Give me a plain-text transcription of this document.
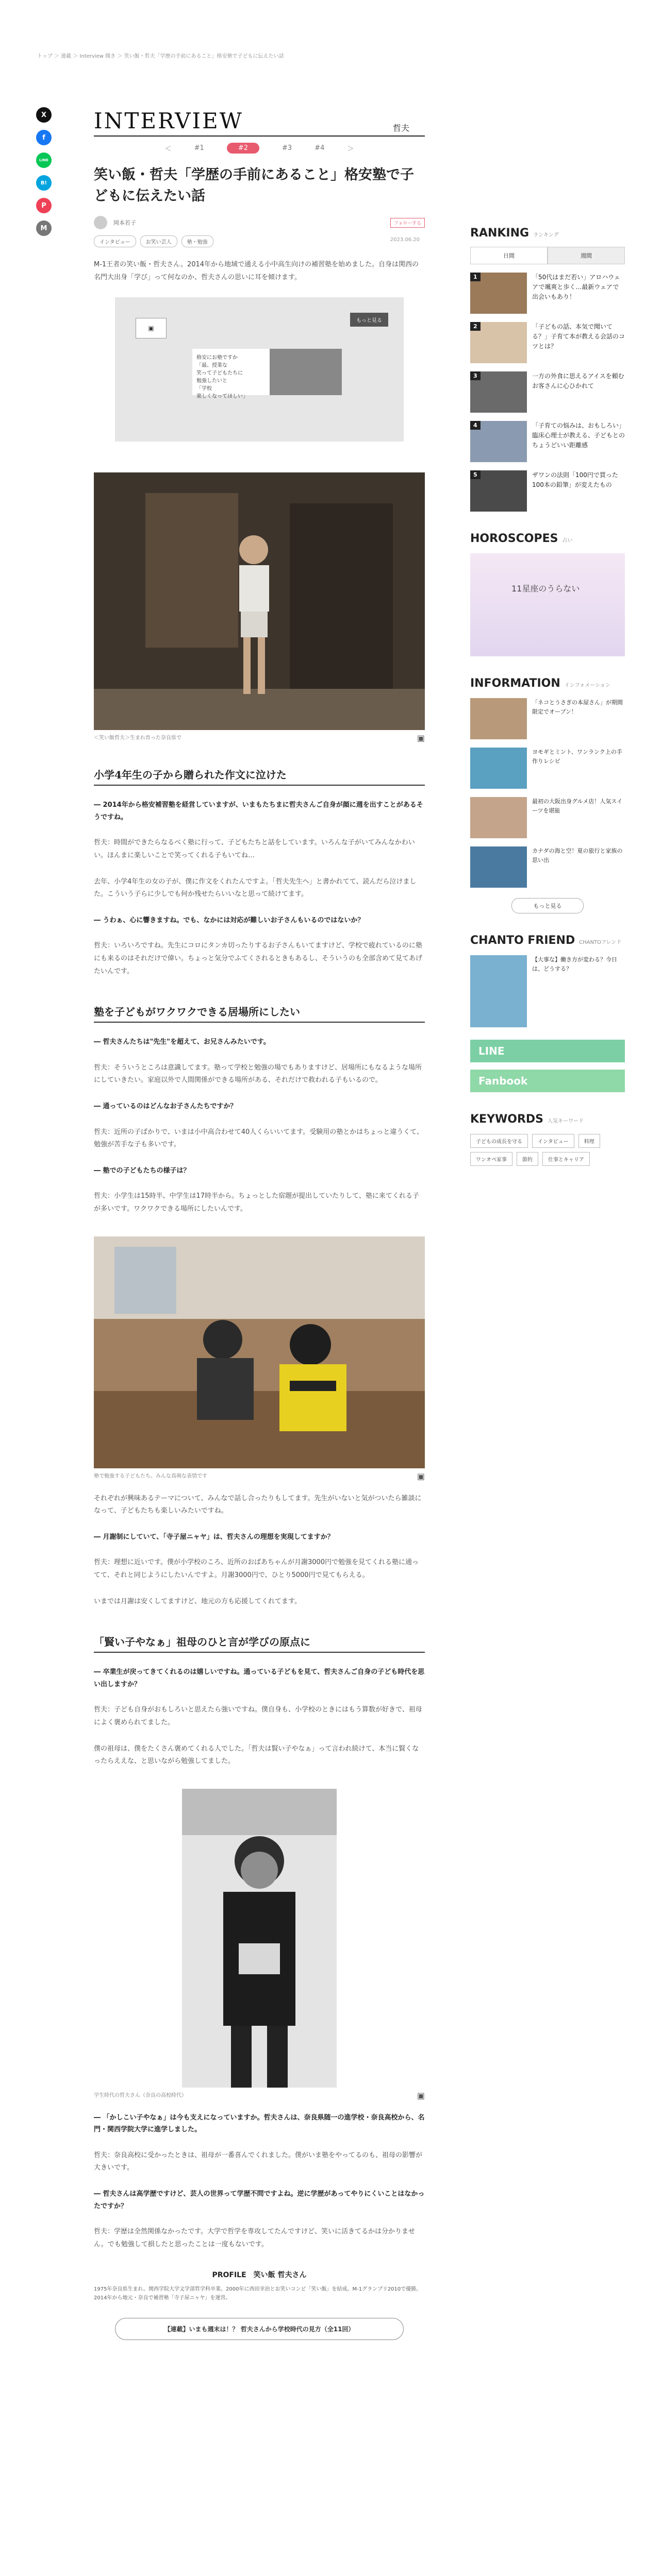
トップ ＞ 連載 ＞ Interview 聞き ＞ 笑い飯・哲夫「学歴の手前にあること」格安塾で子どもに伝えたい話
X
f
LINE
B!
P
M
INTERVIEW	哲夫
＜	#1	#2	#3	#4	＞
笑い飯・哲夫「学歴の手前にあること」格安塾で子どもに伝えたい話
岡本若子	フォローする
インタビュー	お笑い芸人	塾・勉強	2023.06.20

M-1王者の笑い飯・哲夫さん。2014年から地域で通える小中高生向けの補習塾を始めました。自身は関西の名門大出身「学び」って何なのか、哲夫さんの思いに耳を傾けます。

▣
もっと見る
格安にお塾ですか
「最、授業な
笑って子どもたちに
勉強したいと
「学校
楽しくなってほしい」
＜笑い飯哲夫＞生まれ育った奈良県で	▣
小学4年生の子から贈られた作文に泣けた

― 2014年から格安補習塾を経営していますが、いまもたちまに哲夫さんご自身が顔に週を出すことがあるそうですね。

哲夫：時間ができたらなるべく塾に行って、子どもたちと話をしています。いろんな子がいてみんなかわいい。ほんまに楽しいことで笑ってくれる子もいてね…

去年、小学4年生の女の子が、僕に作文をくれたんですよ。「哲夫先生へ」と書かれてて、読んだら泣けました。こういう子らに少しでも何か残せたらいいなと思って続けてます。

― うわぁ、心に響きますね。でも、なかには対応が難しいお子さんもいるのではないか？

哲夫：いろいろですね。先生にコロにタンカ切ったりするお子さんもいてますけど、学校で疲れているのに塾にも来るのはそれだけで偉い。ちょっと気分でふてくされるときもあるし、そういうのも全部含めて見てあげたいんです。

塾を子どもがワクワクできる居場所にしたい

― 哲夫さんたちは"先生"を超えて、お兄さんみたいです。

哲夫：そういうところは意識してます。塾って学校と勉強の場でもありますけど、居場所にもなるような場所にしていきたい。家庭以外で人間関係ができる場所がある、それだけで救われる子もいるので。

― 通っているのはどんなお子さんたちですか？

哲夫：近所の子ばかりで、いまは小中高合わせて40人くらいいてます。受験用の塾とかはちょっと違うくて、勉強が苦手な子も多いです。

― 塾での子どもたちの様子は？

哲夫：小学生は15時半、中学生は17時半から。ちょっとした宿題が提出していたりして、塾に来てくれる子が多いです。ワクワクできる場所にしたいんです。

塾で勉強する子どもたち。みんな真剣な表情です	▣

それぞれが興味あるテーマについて、みんなで話し合ったりもしてます。先生がいないと気がついたら雑談になって、子どもたちも楽しいみたいですね。

― 月謝制にしていて、「寺子屋ニャヤ」は、哲夫さんの理想を実現してますか？

哲夫：理想に近いです。僕が小学校のころ、近所のおばあちゃんが月謝3000円で勉強を見てくれる塾に通ってて、それと同じようにしたいんですよ。月謝3000円で、ひとり5000円で見てもらえる。

いまでは月謝は安くしてますけど、地元の方も応援してくれてます。

「賢い子やなぁ」祖母のひと言が学びの原点に

― 卒業生が戻ってきてくれるのは嬉しいですね。通っている子どもを見て、哲夫さんご自身の子ども時代を思い出しますか？

哲夫：子ども自身がおもしろいと思えたら強いですね。僕自身も、小学校のときにはもう算数が好きで、祖母によく褒められてました。

僕の祖母は、僕をたくさん褒めてくれる人でした。「哲夫は賢い子やなぁ」って言われ続けて、本当に賢くなったらええな、と思いながら勉強してました。

学生時代の哲夫さん（奈良の高校時代）	▣

― 「かしこい子やなぁ」は今も支えになっていますか。哲夫さんは、奈良県随一の進学校・奈良高校から、名門・関西学院大学に進学しました。

哲夫：奈良高校に受かったときは、祖母が一番喜んでくれました。僕がいま塾をやってるのも、祖母の影響が大きいです。

― 哲夫さんは高学歴ですけど、芸人の世界って学歴不問ですよね。逆に学歴があってやりにくいことはなかったですか？

哲夫：学歴は全然関係なかったです。大学で哲学を専攻してたんですけど、笑いに活きてるかは分かりません。でも勉強して損したと思ったことは一度もないです。

PROFILE　笑い飯 哲夫さん

1975年奈良県生まれ。関西学院大学文学部哲学科卒業。2000年に西田幸治とお笑いコンビ「笑い飯」を結成。M-1グランプリ2010で優勝。2014年から地元・奈良で補習塾「寺子屋ニャヤ」を運営。

【連載】いまも週末は！？ 哲夫さんから学校時代の見方（全11回）
RANKING ランキング
日間	週間
1	「50代はまだ若い」アロハウェアで颯爽と歩く…最新ウェアで出会いもあり！
2	「子どもの話、本気で聞いてる？」子育て本が教える会話のコツとは？
3	一方の外食に思えるアイスを頼むお客さんに心ひかれて
4	「子育ての悩みは、おもしろい」臨床心理士が教える、子どもとのちょうどいい距離感
5	ザワンの法則「100円で買った100本の鉛筆」が変えたもの
HOROSCOPES 占い
11星座のうらない
INFORMATION インフォメーション
「ネコとうさぎの本屋さん」が期間限定でオープン！
ヨモギとミント、ワンランク上の手作りレシピ
最初の大阪出身グルメ店！人気スイーツを堪能
カナダの海と空！夏の旅行と家族の思い出
もっと見る
CHANTO FRIEND CHANTOフレンド
【大事な】働き方が変わる？今日は、どうする？
LINE
Fanbook
KEYWORDS 人気キーワード
子どもの成長を守る	インタビュー	料理
ワンオペ家事	節約	仕事とキャリア
